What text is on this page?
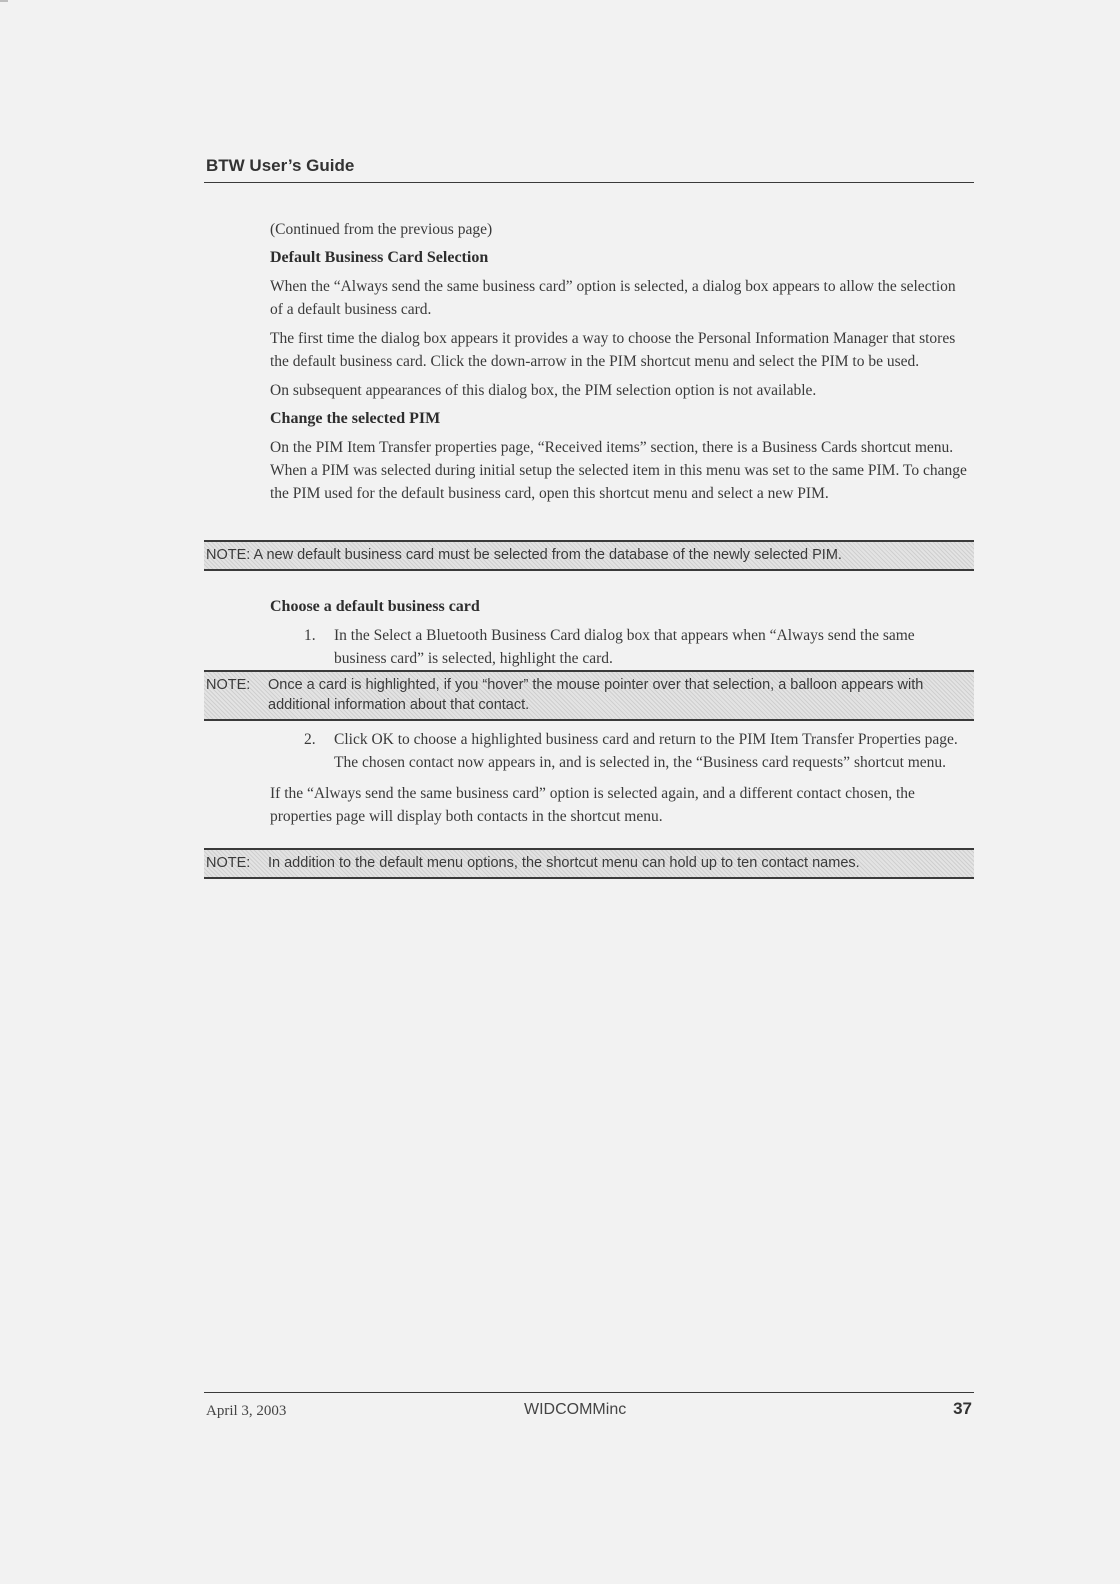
BTW User’s Guide

(Continued from the previous page)

Default Business Card Selection

When the “Always send the same business card” option is selected, a dialog box appears to allow the selection of a default business card.

The first time the dialog box appears it provides a way to choose the Personal Information Manager that stores the default business card. Click the down-arrow in the PIM shortcut menu and select the PIM to be used.

On subsequent appearances of this dialog box, the PIM selection option is not available.

Change the selected PIM

On the PIM Item Transfer properties page, “Received items” section, there is a Business Cards shortcut menu. When a PIM was selected during initial setup the selected item in this menu was set to the same PIM. To change the PIM used for the default business card, open this shortcut menu and select a new PIM.

NOTE: A new default business card must be selected from the database of the newly selected PIM.

Choose a default business card

1.	In the Select a Bluetooth Business Card dialog box that appears when “Always send the same business card” is selected, highlight the card.
NOTE:	Once a card is highlighted, if you “hover” the mouse pointer over that selection, a balloon appears with additional information about that contact.
2.	Click OK to choose a highlighted business card and return to the PIM Item Transfer Properties page. The chosen contact now appears in, and is selected in, the “Business card requests” shortcut menu.

If the “Always send the same business card” option is selected again, and a different contact chosen, the properties page will display both contacts in the shortcut menu.

NOTE:	In addition to the default menu options, the shortcut menu can hold up to ten contact names.
April 3, 2003	WIDCOMMinc	37
